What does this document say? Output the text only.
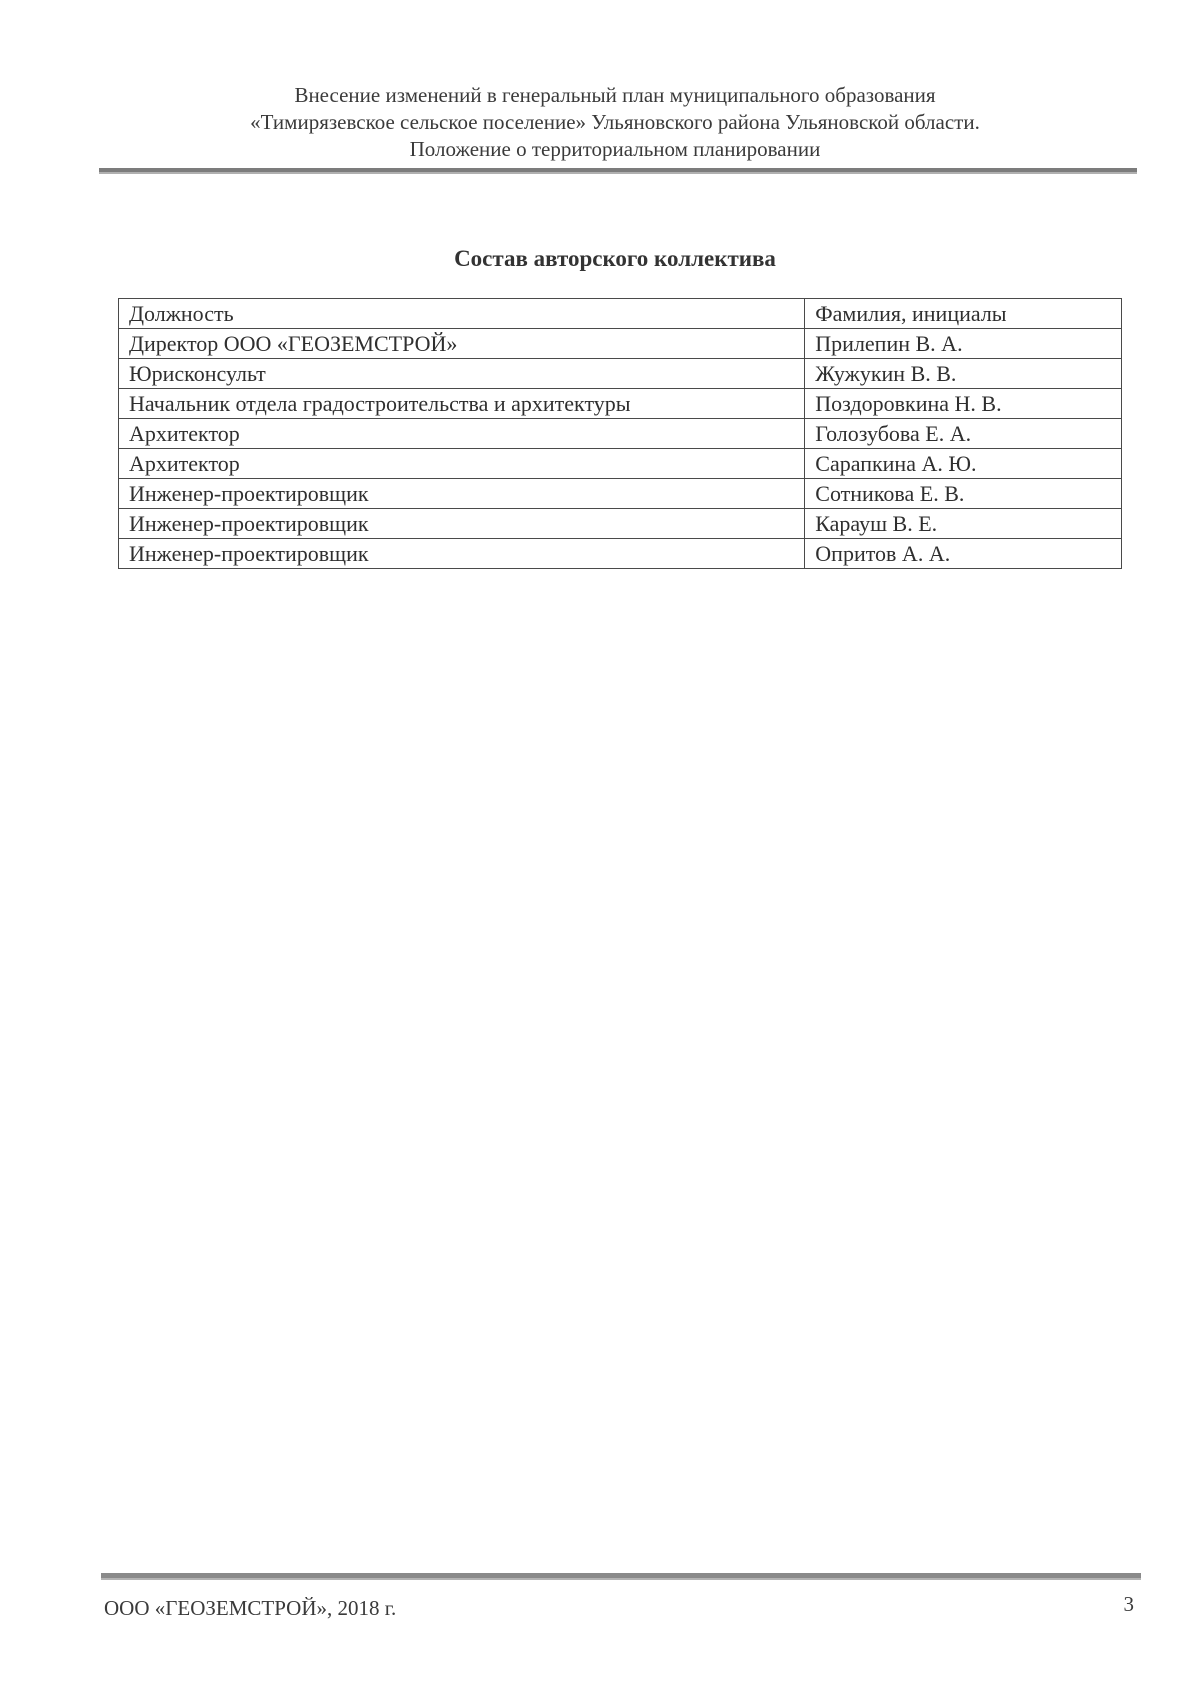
Внесение изменений в генеральный план муниципального образования
«Тимирязевское сельское поселение» Ульяновского района Ульяновской области.
Положение о территориальном планировании
Состав авторского коллектива
Должность	Фамилия, инициалы
Директор ООО «ГЕОЗЕМСТРОЙ»	Прилепин В. А.
Юрисконсульт	Жужукин В. В.
Начальник отдела градостроительства и архитектуры	Поздоровкина Н. В.
Архитектор	Голозубова Е. А.
Архитектор	Сарапкина А. Ю.
Инженер-проектировщик	Сотникова Е. В.
Инженер-проектировщик	Карауш В. Е.
Инженер-проектировщик	Опритов А. А.
ООО «ГЕОЗЕМСТРОЙ», 2018 г.	3
